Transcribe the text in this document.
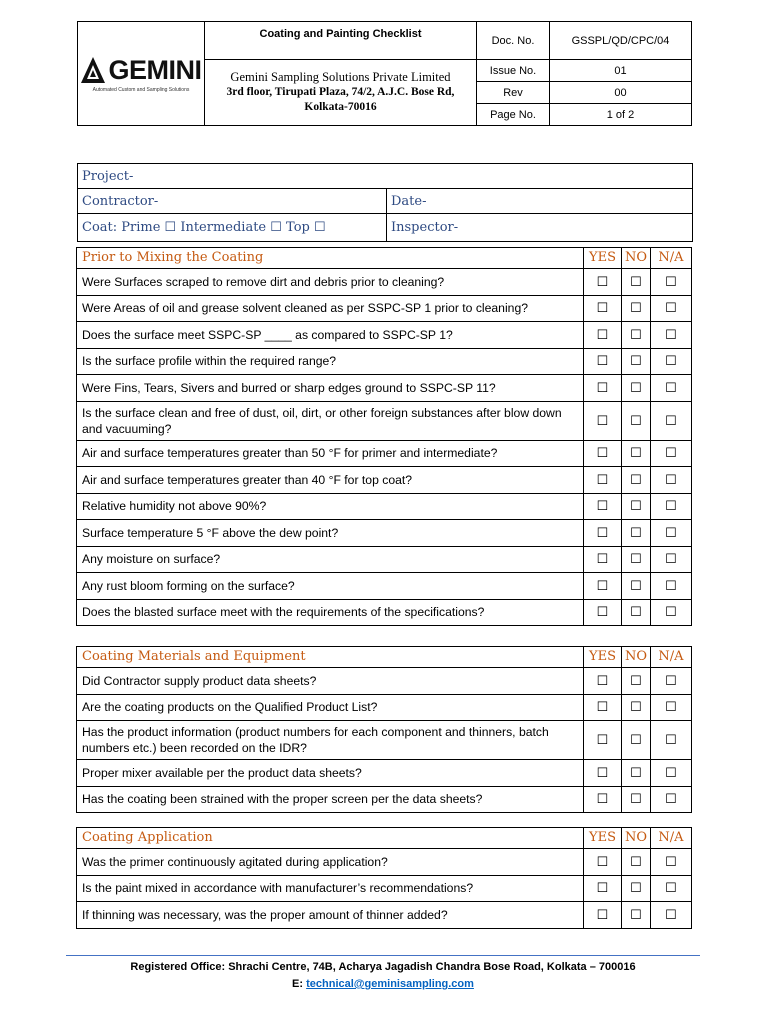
GEMINI
Automated Custom and Sampling Solutions	Coating and Painting Checklist	Doc. No.	GSSPL/QD/CPC/04

	Gemini Sampling Solutions Private Limited
3rd floor, Tirupati Plaza, 74/2, A.J.C. Bose Rd, Kolkata-70016	Issue No.	01
		Rev	00
		Page No.	1 of 2
Project-	
Contractor-	Date-
Coat: Prime ☐ Intermediate ☐ Top ☐	Inspector-
Prior to Mixing the Coating	YES	NO	N/A
Were Surfaces scraped to remove dirt and debris prior to cleaning?	☐	☐	☐
Were Areas of oil and grease solvent cleaned as per SSPC-SP 1 prior to cleaning?	☐	☐	☐
Does the surface meet SSPC-SP ____ as compared to SSPC-SP 1?	☐	☐	☐
Is the surface profile within the required range?	☐	☐	☐
Were Fins, Tears, Sivers and burred or sharp edges ground to SSPC-SP 11?	☐	☐	☐
Is the surface clean and free of dust, oil, dirt, or other foreign substances after blow down and vacuuming?	☐	☐	☐
Air and surface temperatures greater than 50 °F for primer and intermediate?	☐	☐	☐
Air and surface temperatures greater than 40 °F for top coat?	☐	☐	☐
Relative humidity not above 90%?	☐	☐	☐
Surface temperature 5 °F above the dew point?	☐	☐	☐
Any moisture on surface?	☐	☐	☐
Any rust bloom forming on the surface?	☐	☐	☐
Does the blasted surface meet with the requirements of the specifications?	☐	☐	☐
Coating Materials and Equipment	YES	NO	N/A
Did Contractor supply product data sheets?	☐	☐	☐
Are the coating products on the Qualified Product List?	☐	☐	☐
Has the product information (product numbers for each component and thinners, batch numbers etc.) been recorded on the IDR?	☐	☐	☐
Proper mixer available per the product data sheets?	☐	☐	☐
Has the coating been strained with the proper screen per the data sheets?	☐	☐	☐
Coating Application	YES	NO	N/A
Was the primer continuously agitated during application?	☐	☐	☐
Is the paint mixed in accordance with manufacturer’s recommendations?	☐	☐	☐
If thinning was necessary, was the proper amount of thinner added?	☐	☐	☐
Registered Office: Shrachi Centre, 74B, Acharya Jagadish Chandra Bose Road, Kolkata – 700016
E: technical@geminisampling.com
